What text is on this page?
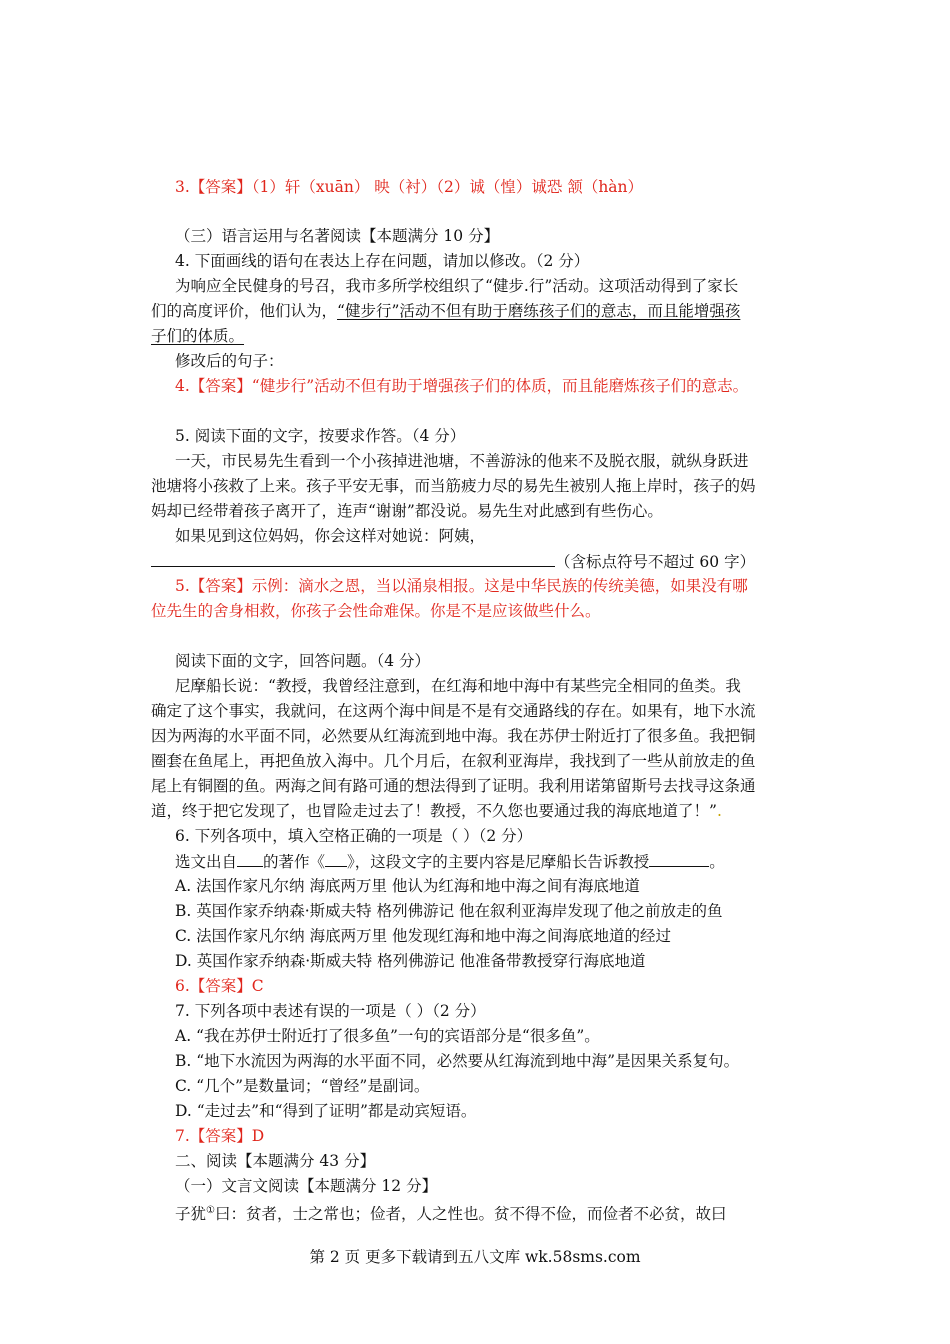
3.【答案】（1）轩（xuān） 映（衬）（2）诚（惶）诚恐 颔（hàn）
（三）语言运用与名著阅读【本题满分 10 分】
4. 下面画线的语句在表达上存在问题，请加以修改。（2 分）
为响应全民健身的号召，我市多所学校组织了“健步.行”活动。这项活动得到了家长
们的高度评价，他们认为，“健步行”活动不但有助于磨练孩子们的意志，而且能增强孩
子们的体质。
修改后的句子：
4.【答案】“健步行”活动不但有助于增强孩子们的体质，而且能磨炼孩子们的意志。
5. 阅读下面的文字，按要求作答。（4 分）
一天，市民易先生看到一个小孩掉进池塘，不善游泳的他来不及脱衣服，就纵身跃进
池塘将小孩救了上来。孩子平安无事，而当筋疲力尽的易先生被别人拖上岸时，孩子的妈
妈却已经带着孩子离开了，连声“谢谢”都没说。易先生对此感到有些伤心。
如果见到这位妈妈，你会这样对她说：阿姨，
（含标点符号不超过 60 字）
5.【答案】示例：滴水之恩，当以涌泉相报。这是中华民族的传统美德，如果没有哪
位先生的舍身相救，你孩子会性命难保。你是不是应该做些什么。
阅读下面的文字，回答问题。（4 分）
尼摩船长说：“教授，我曾经注意到，在红海和地中海中有某些完全相同的鱼类。我
确定了这个事实，我就问，在这两个海中间是不是有交通路线的存在。如果有，地下水流
因为两海的水平面不同，必然要从红海流到地中海。我在苏伊士附近打了很多鱼。我把铜
圈套在鱼尾上，再把鱼放入海中。几个月后，在叙利亚海岸，我找到了一些从前放走的鱼
尾上有铜圈的鱼。两海之间有路可通的想法得到了证明。我利用诺第留斯号去找寻这条通
道，终于把它发现了，也冒险走过去了！教授，不久您也要通过我的海底地道了！”.
6. 下列各项中，填入空格正确的一项是（ ）（2 分）
选文出自 的著作《 》，这段文字的主要内容是尼摩船长告诉教授	。
A. 法国作家凡尔纳 海底两万里 他认为红海和地中海之间有海底地道
B. 英国作家乔纳森·斯威夫特 格列佛游记 他在叙利亚海岸发现了他之前放走的鱼
C. 法国作家凡尔纳 海底两万里 他发现红海和地中海之间海底地道的经过
D. 英国作家乔纳森·斯威夫特 格列佛游记 他准备带教授穿行海底地道
6.【答案】C
7. 下列各项中表述有误的一项是（ ）（2 分）
A. “我在苏伊士附近打了很多鱼”一句的宾语部分是“很多鱼”。
B. “地下水流因为两海的水平面不同，必然要从红海流到地中海”是因果关系复句。
C. “几个”是数量词；“曾经”是副词。
D. “走过去”和“得到了证明”都是动宾短语。
7.【答案】D
二、阅读【本题满分 43 分】
（一）文言文阅读【本题满分 12 分】
子犹①曰：贫者，士之常也；俭者，人之性也。贫不得不俭，而俭者不必贫，故曰
第 2 页 更多下载请到五八文库 wk.58sms.com
